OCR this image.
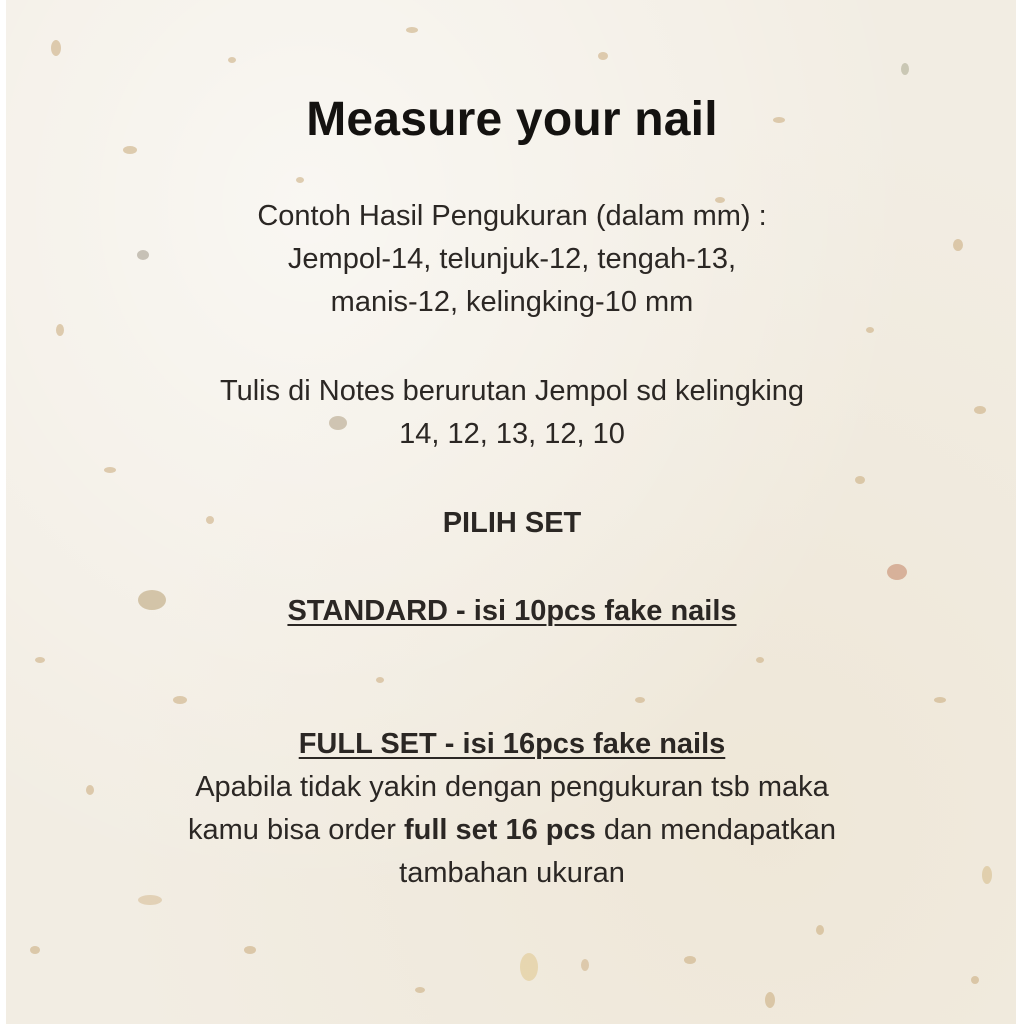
Measure your nail
Contoh Hasil Pengukuran (dalam mm) :
Jempol-14, telunjuk-12, tengah-13,
manis-12, kelingking-10 mm
Tulis di Notes berurutan Jempol sd kelingking
14, 12, 13, 12, 10
PILIH SET
STANDARD - isi 10pcs fake nails
FULL SET - isi 16pcs fake nails
Apabila tidak yakin dengan pengukuran tsb maka
kamu bisa order full set 16 pcs dan mendapatkan
tambahan ukuran
